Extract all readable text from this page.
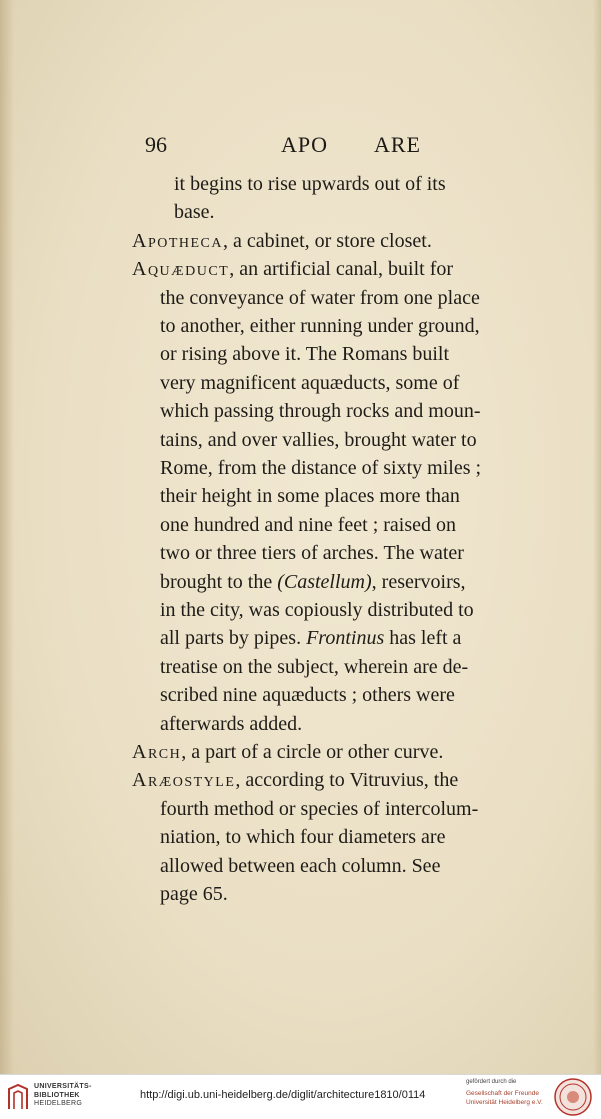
96	APO ARE
it begins to rise upwards out of its
base.
Apotheca, a cabinet, or store closet.
Aquæduct, an artificial canal, built for
the conveyance of water from one place
to another, either running under ground,
or rising above it. The Romans built
very magnificent aquæducts, some of
which passing through rocks and moun-
tains, and over vallies, brought water to
Rome, from the distance of sixty miles ;
their height in some places more than
one hundred and nine feet ; raised on
two or three tiers of arches. The water
brought to the (Castellum), reservoirs,
in the city, was copiously distributed to
all parts by pipes. Frontinus has left a
treatise on the subject, wherein are de-
scribed nine aquæducts ; others were
afterwards added.
Arch, a part of a circle or other curve.
Aræostyle, according to Vitruvius, the
fourth method or species of intercolum-
niation, to which four diameters are
allowed between each column. See
page 65.
UNIVERSITÄTS-
BIBLIOTHEK
HEIDELBERG
http://digi.ub.uni-heidelberg.de/diglit/architecture1810/0114
gefördert durch die
Gesellschaft der Freunde
Universität Heidelberg e.V.
